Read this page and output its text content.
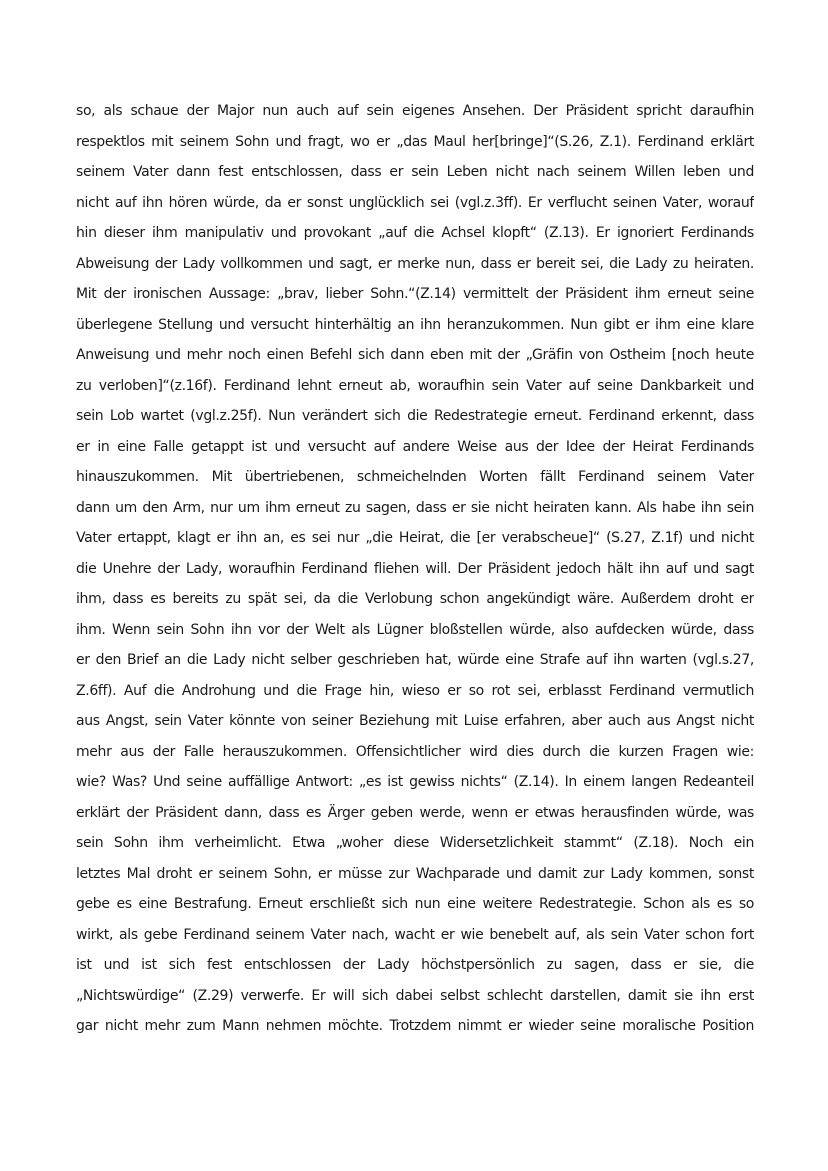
so, als schaue der Major nun auch auf sein eigenes Ansehen. Der Präsident spricht daraufhin
respektlos mit seinem Sohn und fragt, wo er „das Maul her[bringe]“(S.26, Z.1). Ferdinand erklärt
seinem Vater dann fest entschlossen, dass er sein Leben nicht nach seinem Willen leben und
nicht auf ihn hören würde, da er sonst unglücklich sei (vgl.z.3ff). Er verflucht seinen Vater, worauf
hin dieser ihm manipulativ und provokant „auf die Achsel klopft“ (Z.13). Er ignoriert Ferdinands
Abweisung der Lady vollkommen und sagt, er merke nun, dass er bereit sei, die Lady zu heiraten.
Mit der ironischen Aussage: „brav, lieber Sohn.“(Z.14) vermittelt der Präsident ihm erneut seine
überlegene Stellung und versucht hinterhältig an ihn heranzukommen. Nun gibt er ihm eine klare
Anweisung und mehr noch einen Befehl sich dann eben mit der „Gräfin von Ostheim [noch heute
zu verloben]“(z.16f). Ferdinand lehnt erneut ab, woraufhin sein Vater auf seine Dankbarkeit und
sein Lob wartet (vgl.z.25f). Nun verändert sich die Redestrategie erneut. Ferdinand erkennt, dass
er in eine Falle getappt ist und versucht auf andere Weise aus der Idee der Heirat Ferdinands
hinauszukommen. Mit übertriebenen, schmeichelnden Worten fällt Ferdinand seinem Vater
dann um den Arm, nur um ihm erneut zu sagen, dass er sie nicht heiraten kann. Als habe ihn sein
Vater ertappt, klagt er ihn an, es sei nur „die Heirat, die [er verabscheue]“ (S.27, Z.1f) und nicht
die Unehre der Lady, woraufhin Ferdinand fliehen will. Der Präsident jedoch hält ihn auf und sagt
ihm, dass es bereits zu spät sei, da die Verlobung schon angekündigt wäre. Außerdem droht er
ihm. Wenn sein Sohn ihn vor der Welt als Lügner bloßstellen würde, also aufdecken würde, dass
er den Brief an die Lady nicht selber geschrieben hat, würde eine Strafe auf ihn warten (vgl.s.27,
Z.6ff). Auf die Androhung und die Frage hin, wieso er so rot sei, erblasst Ferdinand vermutlich
aus Angst, sein Vater könnte von seiner Beziehung mit Luise erfahren, aber auch aus Angst nicht
mehr aus der Falle herauszukommen. Offensichtlicher wird dies durch die kurzen Fragen wie:
wie? Was? Und seine auffällige Antwort: „es ist gewiss nichts“ (Z.14). In einem langen Redeanteil
erklärt der Präsident dann, dass es Ärger geben werde, wenn er etwas herausfinden würde, was
sein Sohn ihm verheimlicht. Etwa „woher diese Widersetzlichkeit stammt“ (Z.18). Noch ein
letztes Mal droht er seinem Sohn, er müsse zur Wachparade und damit zur Lady kommen, sonst
gebe es eine Bestrafung. Erneut erschließt sich nun eine weitere Redestrategie. Schon als es so
wirkt, als gebe Ferdinand seinem Vater nach, wacht er wie benebelt auf, als sein Vater schon fort
ist und ist sich fest entschlossen der Lady höchstpersönlich zu sagen, dass er sie, die
„Nichtswürdige“ (Z.29) verwerfe. Er will sich dabei selbst schlecht darstellen, damit sie ihn erst
gar nicht mehr zum Mann nehmen möchte. Trotzdem nimmt er wieder seine moralische Position
